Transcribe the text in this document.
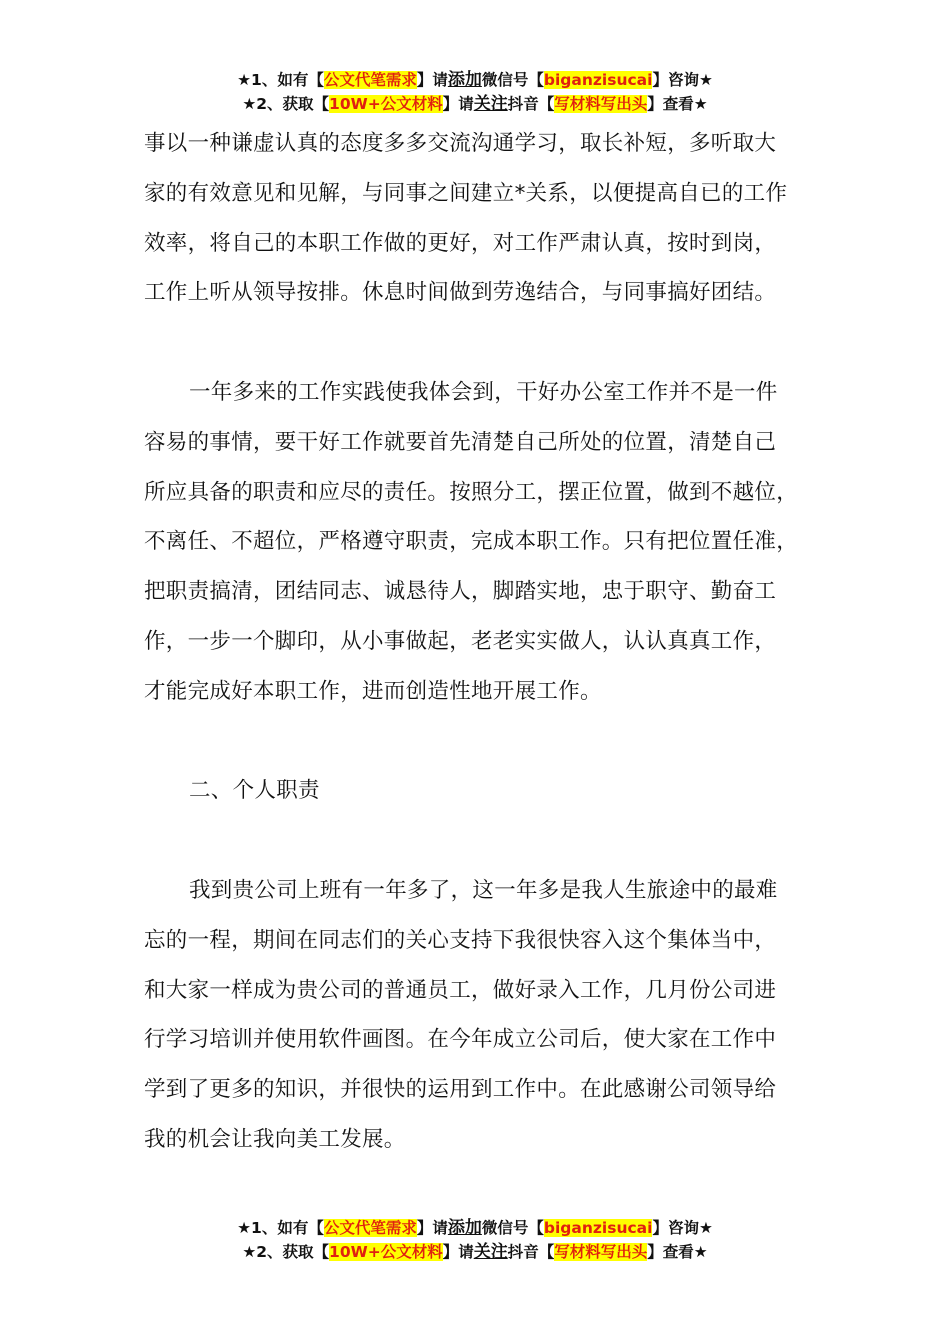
★1、如有【公文代笔需求】请添加微信号【biganzisucai】咨询★
★2、获取【10W+公文材料】请关注抖音【写材料写出头】查看★
事以一种谦虚认真的态度多多交流沟通学习，取长补短，多听取大
家的有效意见和见解，与同事之间建立*关系，以便提高自已的工作
效率，将自己的本职工作做的更好，对工作严肃认真，按时到岗，
工作上听从领导按排。休息时间做到劳逸结合，与同事搞好团结。
一年多来的工作实践使我体会到，干好办公室工作并不是一件
容易的事情，要干好工作就要首先清楚自己所处的位置，清楚自己
所应具备的职责和应尽的责任。按照分工，摆正位置，做到不越位，
不离任、不超位，严格遵守职责，完成本职工作。只有把位置任准，
把职责搞清，团结同志、诚恳待人，脚踏实地，忠于职守、勤奋工
作，一步一个脚印，从小事做起，老老实实做人，认认真真工作，
才能完成好本职工作，进而创造性地开展工作。
二、个人职责
我到贵公司上班有一年多了，这一年多是我人生旅途中的最难
忘的一程，期间在同志们的关心支持下我很快容入这个集体当中，
和大家一样成为贵公司的普通员工，做好录入工作，几月份公司进
行学习培训并使用软件画图。在今年成立公司后，使大家在工作中
学到了更多的知识，并很快的运用到工作中。在此感谢公司领导给
我的机会让我向美工发展。
★1、如有【公文代笔需求】请添加微信号【biganzisucai】咨询★
★2、获取【10W+公文材料】请关注抖音【写材料写出头】查看★
